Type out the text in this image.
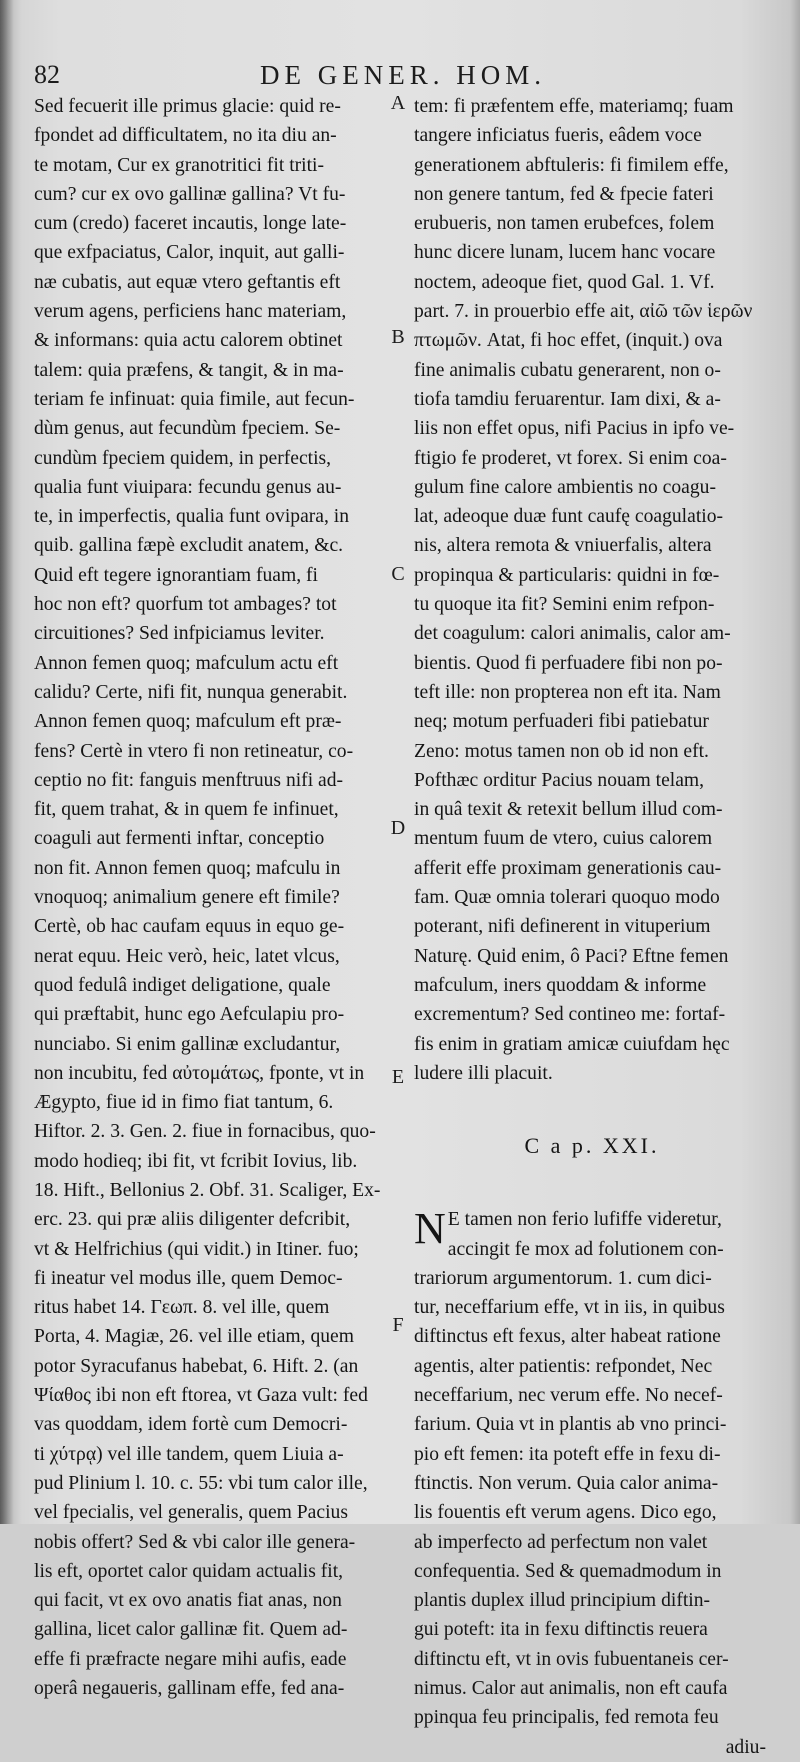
82	DE GENER. HOM.
Sed fecuerit ille primus glacie: quid re-
fpondet ad difficultatem, no ita diu an-
te motam, Cur ex granotritici fit triti-
cum? cur ex ovo gallinæ gallina? Vt fu-
cum (credo) faceret incautis, longe late-
que exfpaciatus, Calor, inquit, aut galli-
næ cubatis, aut equæ vtero geftantis eft
verum agens, perficiens hanc materiam,
& informans: quia actu calorem obtinet
talem: quia præfens, & tangit, & in ma-
teriam fe infinuat: quia fimile, aut fecun-
dùm genus, aut fecundùm fpeciem. Se-
cundùm fpeciem quidem, in perfectis,
qualia funt viuipara: fecundu genus au-
te, in imperfectis, qualia funt ovipara, in
quib. gallina fæpè excludit anatem, &c.
Quid eft tegere ignorantiam fuam, fi
hoc non eft? quorfum tot ambages? tot
circuitiones? Sed infpiciamus leviter.
Annon femen quoq; mafculum actu eft
calidu? Certe, nifi fit, nunqua generabit.
Annon femen quoq; mafculum eft præ-
fens? Certè in vtero fi non retineatur, co-
ceptio no fit: fanguis menftruus nifi ad-
fit, quem trahat, & in quem fe infinuet,
coaguli aut fermenti inftar, conceptio
non fit. Annon femen quoq; mafculu in
vnoquoq; animalium genere eft fimile?
Certè, ob hac caufam equus in equo ge-
nerat equu. Heic verò, heic, latet vlcus,
quod fedulâ indiget deligatione, quale
qui præftabit, hunc ego Aefculapiu pro-
nunciabo. Si enim gallinæ excludantur,
non incubitu, fed αὐτομάτως, fponte, vt in
Ægypto, fiue id in fimo fiat tantum, 6.
Hiftor. 2. 3. Gen. 2. fiue in fornacibus, quo-
modo hodieq; ibi fit, vt fcribit Iovius, lib.
18. Hift., Bellonius 2. Obf. 31. Scaliger, Ex-
erc. 23. qui præ aliis diligenter defcribit,
vt & Helfrichius (qui vidit.) in Itiner. fuo;
fi ineatur vel modus ille, quem Democ-
ritus habet 14. Γεωπ. 8. vel ille, quem
Porta, 4. Magiæ, 26. vel ille etiam, quem
potor Syracufanus habebat, 6. Hift. 2. (an
Ψίαθος ibi non eft ftorea, vt Gaza vult: fed
vas quoddam, idem fortè cum Democri-
ti χύτρᾳ) vel ille tandem, quem Liuia a-
pud Plinium l. 10. c. 55: vbi tum calor ille,
vel fpecialis, vel generalis, quem Pacius
nobis offert? Sed & vbi calor ille genera-
lis eft, oportet calor quidam actualis fit,
qui facit, vt ex ovo anatis fiat anas, non
gallina, licet calor gallinæ fit. Quem ad-
effe fi præfracte negare mihi aufis, eade
operâ negaueris, gallinam effe, fed ana-
tem: fi præfentem effe, materiamq; fuam
tangere inficiatus fueris, eâdem voce
generationem abftuleris: fi fimilem effe,
non genere tantum, fed & fpecie fateri
erubueris, non tamen erubefces, folem
hunc dicere lunam, lucem hanc vocare
noctem, adeoque fiet, quod Gal. 1. Vf.
part. 7. in prouerbio effe ait, αἰῶ τῶν ἱερῶν
πτωμῶν. Atat, fi hoc effet, (inquit.) ova
fine animalis cubatu generarent, non o-
tiofa tamdiu feruarentur. Iam dixi, & a-
liis non effet opus, nifi Pacius in ipfo ve-
ftigio fe proderet, vt forex. Si enim coa-
gulum fine calore ambientis no coagu-
lat, adeoque duæ funt caufę coagulatio-
nis, altera remota & vniuerfalis, altera
propinqua & particularis: quidni in fœ-
tu quoque ita fit? Semini enim refpon-
det coagulum: calori animalis, calor am-
bientis. Quod fi perfuadere fibi non po-
teft ille: non propterea non eft ita. Nam
neq; motum perfuaderi fibi patiebatur
Zeno: motus tamen non ob id non eft.
Pofthæc orditur Pacius nouam telam,
in quâ texit & retexit bellum illud com-
mentum fuum de vtero, cuius calorem
afferit effe proximam generationis cau-
fam. Quæ omnia tolerari quoquo modo
poterant, nifi definerent in vituperium
Naturę. Quid enim, ô Paci? Eftne femen
mafculum, iners quoddam & informe
excrementum? Sed contineo me: fortaf-
fis enim in gratiam amicæ cuiufdam hęc
ludere illi placuit.
C a p. XXI.
N E tamen non ferio lufiffe videretur,
accingit fe mox ad folutionem con-
trariorum argumentorum. 1. cum dici-
tur, neceffarium effe, vt in iis, in quibus
diftinctus eft fexus, alter habeat ratione
agentis, alter patientis: refpondet, Nec
neceffarium, nec verum effe. No necef-
farium. Quia vt in plantis ab vno princi-
pio eft femen: ita poteft effe in fexu di-
ftinctis. Non verum. Quia calor anima-
lis fouentis eft verum agens. Dico ego,
ab imperfecto ad perfectum non valet
confequentia. Sed & quemadmodum in
plantis duplex illud principium diftin-
gui poteft: ita in fexu diftinctis reuera
diftinctu eft, vt in ovis fubuentaneis cer-
nimus. Calor aut animalis, non eft caufa
ppinqua feu principalis, fed remota feu
adiu-
A
B
C
D
E
F
